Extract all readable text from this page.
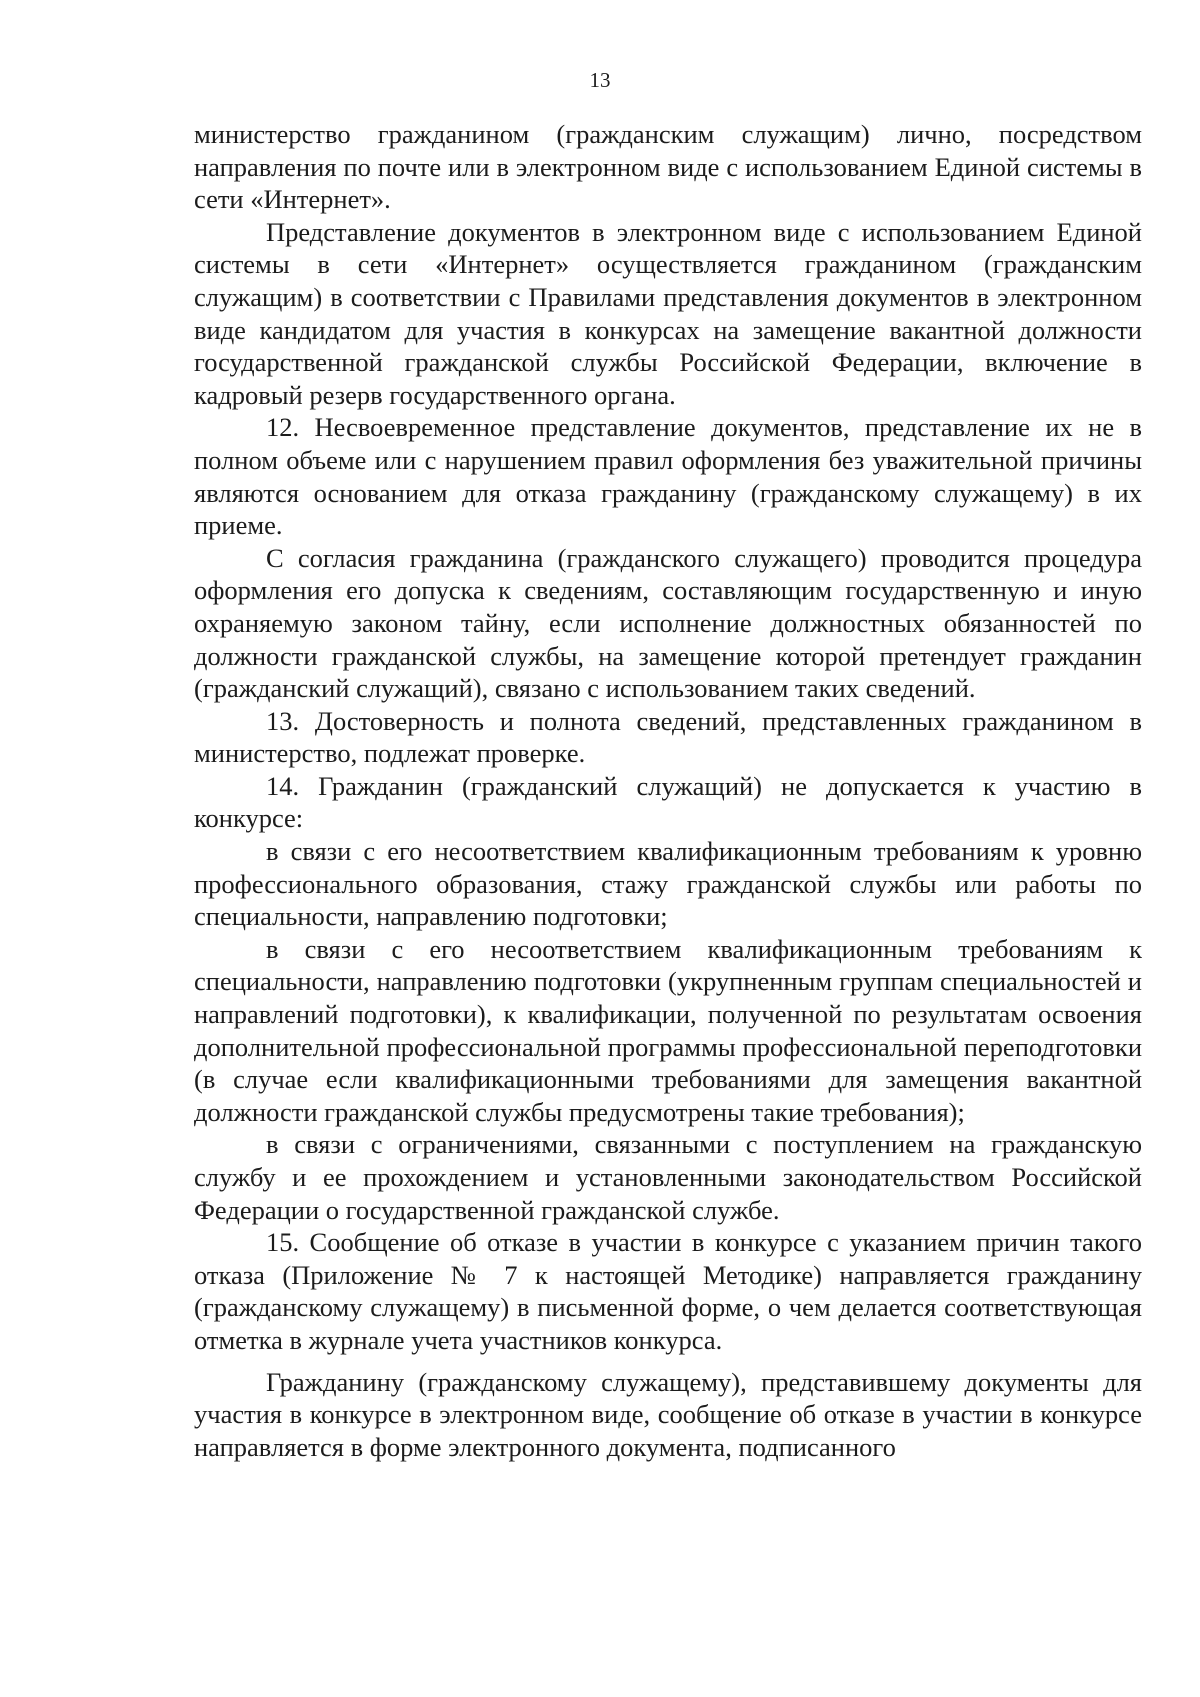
13

министерство гражданином (гражданским служащим) лично, посредством направления по почте или в электронном виде с использованием Единой системы в сети «Интернет».

Представление документов в электронном виде с использованием Единой системы в сети «Интернет» осуществляется гражданином (гражданским служащим) в соответствии с Правилами представления документов в электронном виде кандидатом для участия в конкурсах на замещение вакантной должности государственной гражданской службы Российской Федерации, включение в кадровый резерв государственного органа.

12. Несвоевременное представление документов, представление их не в полном объеме или с нарушением правил оформления без уважительной причины являются основанием для отказа гражданину (гражданскому служащему) в их приеме.

С согласия гражданина (гражданского служащего) проводится процедура оформления его допуска к сведениям, составляющим государственную и иную охраняемую законом тайну, если исполнение должностных обязанностей по должности гражданской службы, на замещение которой претендует гражданин (гражданский служащий), связано с использованием таких сведений.

13. Достоверность и полнота сведений, представленных гражданином в министерство, подлежат проверке.

14. Гражданин (гражданский служащий) не допускается к участию в конкурсе:

в связи с его несоответствием квалификационным требованиям к уровню профессионального образования, стажу гражданской службы или работы по специальности, направлению подготовки;

в связи с его несоответствием квалификационным требованиям к специальности, направлению подготовки (укрупненным группам специальностей и направлений подготовки), к квалификации, полученной по результатам освоения дополнительной профессиональной программы профессиональной переподготовки (в случае если квалификационными требованиями для замещения вакантной должности гражданской службы предусмотрены такие требования);

в связи с ограничениями, связанными с поступлением на гражданскую службу и ее прохождением и установленными законодательством Российской Федерации о государственной гражданской службе.

15. Сообщение об отказе в участии в конкурсе с указанием причин такого отказа (Приложение № 7 к настоящей Методике) направляется гражданину (гражданскому служащему) в письменной форме, о чем делается соответствующая отметка в журнале учета участников конкурса.

Гражданину (гражданскому служащему), представившему документы для участия в конкурсе в электронном виде, сообщение об отказе в участии в конкурсе направляется в форме электронного документа, подписанного
